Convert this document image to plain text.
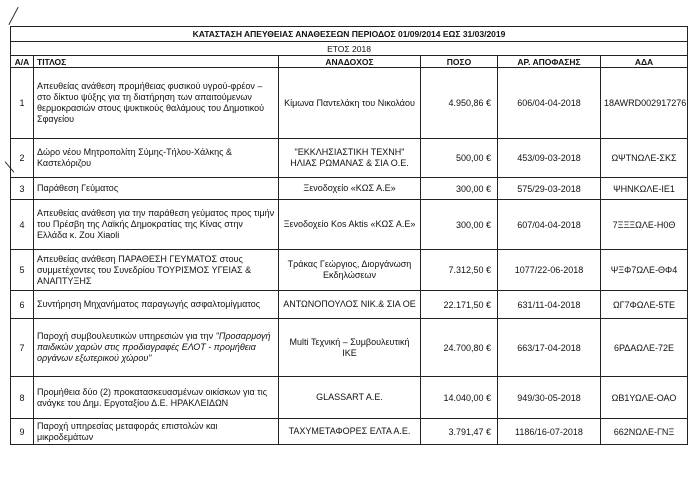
ΚΑΤΑΣΤΑΣΗ ΑΠΕΥΘΕΙΑΣ ΑΝΑΘΕΣΕΩΝ ΠΕΡΙΟΔΟΣ 01/09/2014 ΕΩΣ 31/03/2019					
ΕΤΟΣ 2018					
Α/Α	ΤΙΤΛΟΣ	ΑΝΑΔΟΧΟΣ	ΠΟΣΟ	ΑΡ. ΑΠΟΦΑΣΗΣ	ΑΔΑ
1	Απευθείας ανάθεση προμήθειας φυσικού υγρού-φρέον – στο δίκτυο ψύξης για τη διατήρηση των απαιτούμενων θερμοκρασιών στους ψυκτικούς θαλάμους του Δημοτικού Σφαγείου	Κίμωνα Παντελάκη του Νικολάου	4.950,86 €	606/04-04-2018	18AWRD002917276
2	Δώρο νέου Μητροπολίτη Σύμης-Τήλου-Χάλκης & Καστελόριζου	"ΕΚΚΛΗΣΙΑΣΤΙΚΗ ΤΕΧΝΗ" ΗΛΙΑΣ ΡΩΜΑΝΑΣ & ΣΙΑ Ο.Ε.	500,00 €	453/09-03-2018	ΩΨΤΝΩΛΕ-ΣΚΣ
3	Παράθεση Γεύματος	Ξενοδοχείο «ΚΩΣ Α.Ε»	300,00 €	575/29-03-2018	ΨΗΝΚΩΛΕ-ΙΕ1
4	Απευθείας ανάθεση για την παράθεση γεύματος προς τιμήν του Πρέσβη της Λαϊκής Δημοκρατίας της Κίνας στην Ελλάδα κ. Zou Xiaoli	Ξενοδοχείο Kos Aktis «ΚΩΣ Α.Ε»	300,00 €	607/04-04-2018	7ΞΞΞΩΛΕ-Η0Θ
5	Απευθείας ανάθεση ΠΑΡΑΘΕΣΗ ΓΕΥΜΑΤΟΣ στους συμμετέχοντες του Συνεδρίου ΤΟΥΡΙΣΜΟΣ ΥΓΕΙΑΣ & ΑΝΑΠΤΥΞΗΣ	Τράκας Γεώργιος, Διοργάνωση Εκδηλώσεων	7.312,50 €	1077/22-06-2018	ΨΞΦ7ΩΛΕ-ΘΦ4
6	Συντήρηση Μηχανήματος παραγωγής ασφαλτομίγματος	ΑΝΤΩΝΟΠΟΥΛΟΣ ΝΙΚ.& ΣΙΑ ΟΕ	22.171,50 €	631/11-04-2018	ΩΓ7ΦΩΛΕ-5ΤΕ
7	Παροχή συμβουλευτικών υπηρεσιών για την "Προσαρμογή παιδικών χαρών στις προδιαγραφές ΕΛΟΤ - προμήθεια οργάνων εξωτερικού χώρου"	Multi Τεχνική – Συμβουλευτική ΙΚΕ	24.700,80 €	663/17-04-2018	6ΡΔΑΩΛΕ-72Ε
8	Προμήθεια δύο (2) προκατασκευασμένων οικίσκων για τις ανάγκε του Δημ. Εργοταξίου Δ.Ε. ΗΡΑΚΛΕΙΔΩΝ	GLASSART A.E.	14.040,00 €	949/30-05-2018	ΩΒ1ΥΩΛΕ-ΟΑΟ
9	Παροχή υπηρεσίας μεταφοράς επιστολών και μικροδεμάτων	ΤΑΧΥΜΕΤΑΦΟΡΕΣ ΕΛΤΑ Α.Ε.	3.791,47 €	1186/16-07-2018	662ΝΩΛΕ-ΓΝΞ
